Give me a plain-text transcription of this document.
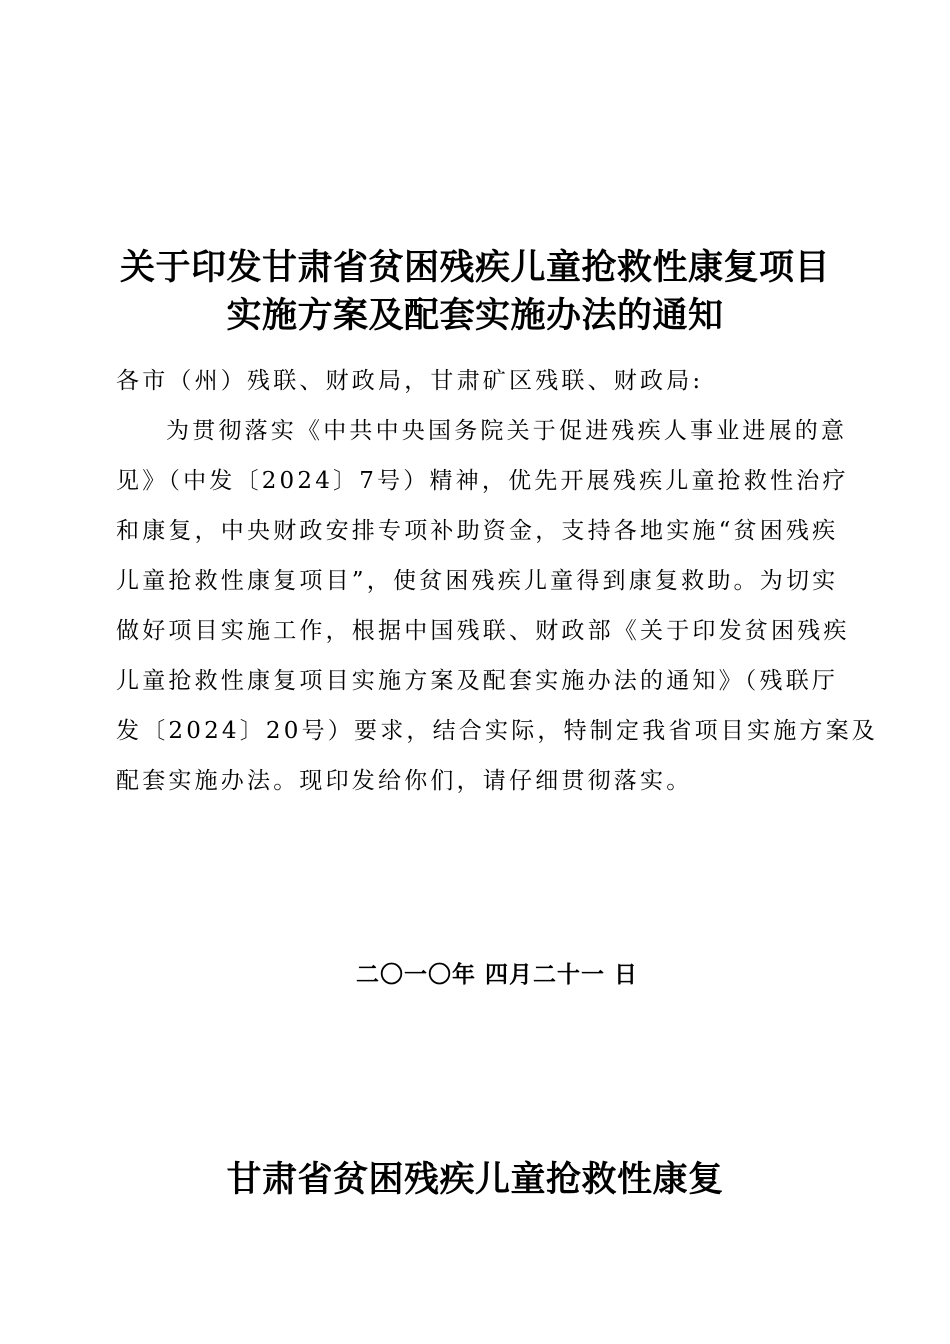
关于印发甘肃省贫困残疾儿童抢救性康复项目
实施方案及配套实施办法的通知
各市（州）残联、财政局，甘肃矿区残联、财政局:
为贯彻落实《中共中央国务院关于促进残疾人事业进展的意
见》（中发〔2024〕7号）精神，优先开展残疾儿童抢救性治疗
和康复，中央财政安排专项补助资金，支持各地实施“贫困残疾
儿童抢救性康复项目”，使贫困残疾儿童得到康复救助。为切实
做好项目实施工作，根据中国残联、财政部《关于印发贫困残疾
儿童抢救性康复项目实施方案及配套实施办法的通知》（残联厅
发〔2024〕20号）要求，结合实际，特制定我省项目实施方案及
配套实施办法。现印发给你们，请仔细贯彻落实。
二〇一〇年 四月二十一 日
甘肃省贫困残疾儿童抢救性康复
